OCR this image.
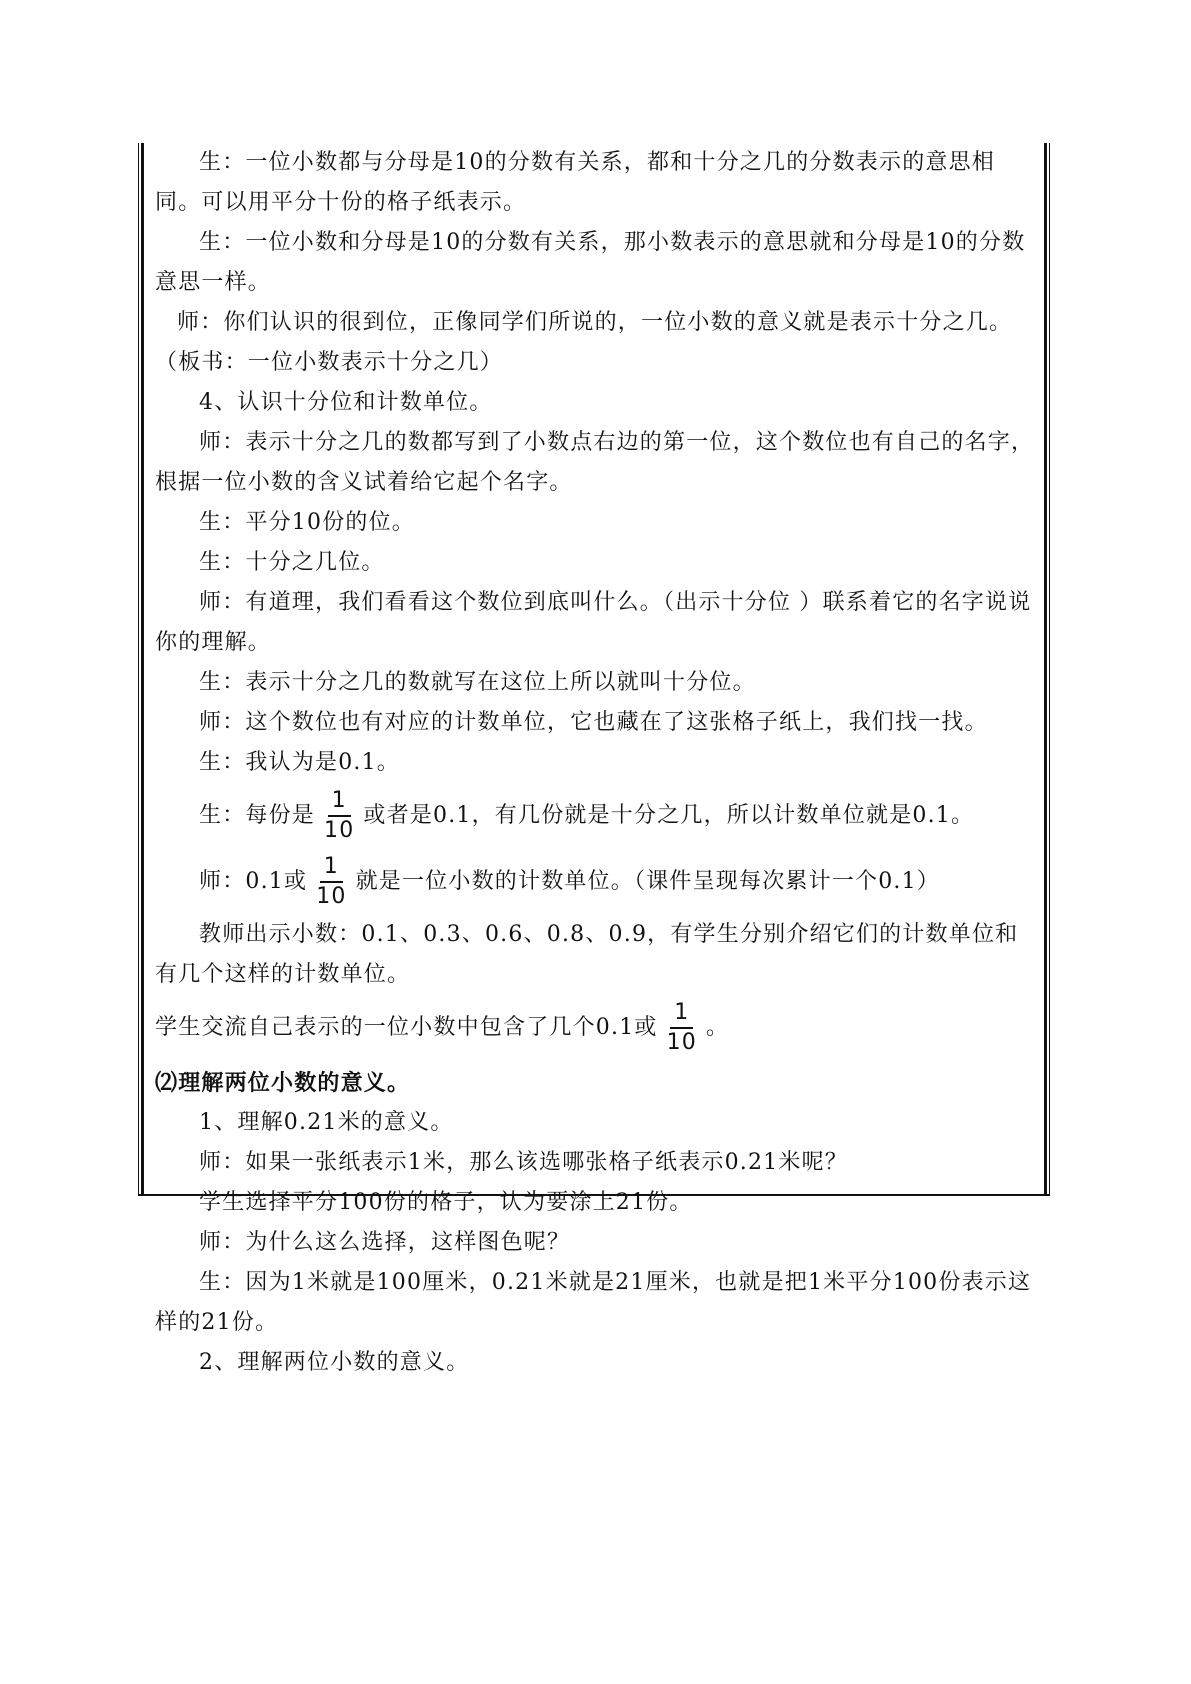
生：一位小数都与分母是10的分数有关系，都和十分之几的分数表示的意思相同。可以用平分十份的格子纸表示。

生：一位小数和分母是10的分数有关系，那小数表示的意思就和分母是10的分数意思一样。

师：你们认识的很到位，正像同学们所说的，一位小数的意义就是表示十分之几。（板书：一位小数表示十分之几）

4、认识十分位和计数单位。

师：表示十分之几的数都写到了小数点右边的第一位，这个数位也有自己的名字，根据一位小数的含义试着给它起个名字。

生：平分10份的位。

生：十分之几位。

师：有道理，我们看看这个数位到底叫什么。（出示十分位 ）联系着它的名字说说你的理解。

生：表示十分之几的数就写在这位上所以就叫十分位。

师：这个数位也有对应的计数单位，它也藏在了这张格子纸上，我们找一找。

生：我认为是0.1。

生：每份是 $\frac{1}{10}$ 或者是0.1，有几份就是十分之几，所以计数单位就是0.1。
师：0.1或 $\frac{1}{10}$ 就是一位小数的计数单位。（课件呈现每次累计一个0.1）

教师出示小数：0.1、0.3、0.6、0.8、0.9，有学生分别介绍它们的计数单位和有几个这样的计数单位。

学生交流自己表示的一位小数中包含了几个0.1或 $\frac{1}{10}$ 。

⑵理解两位小数的意义。

1、理解0.21米的意义。

师：如果一张纸表示1米，那么该选哪张格子纸表示0.21米呢？

学生选择平分100份的格子，认为要涂上21份。

师：为什么这么选择，这样图色呢？

生：因为1米就是100厘米，0.21米就是21厘米，也就是把1米平分100份表示这样的21份。

2、理解两位小数的意义。
